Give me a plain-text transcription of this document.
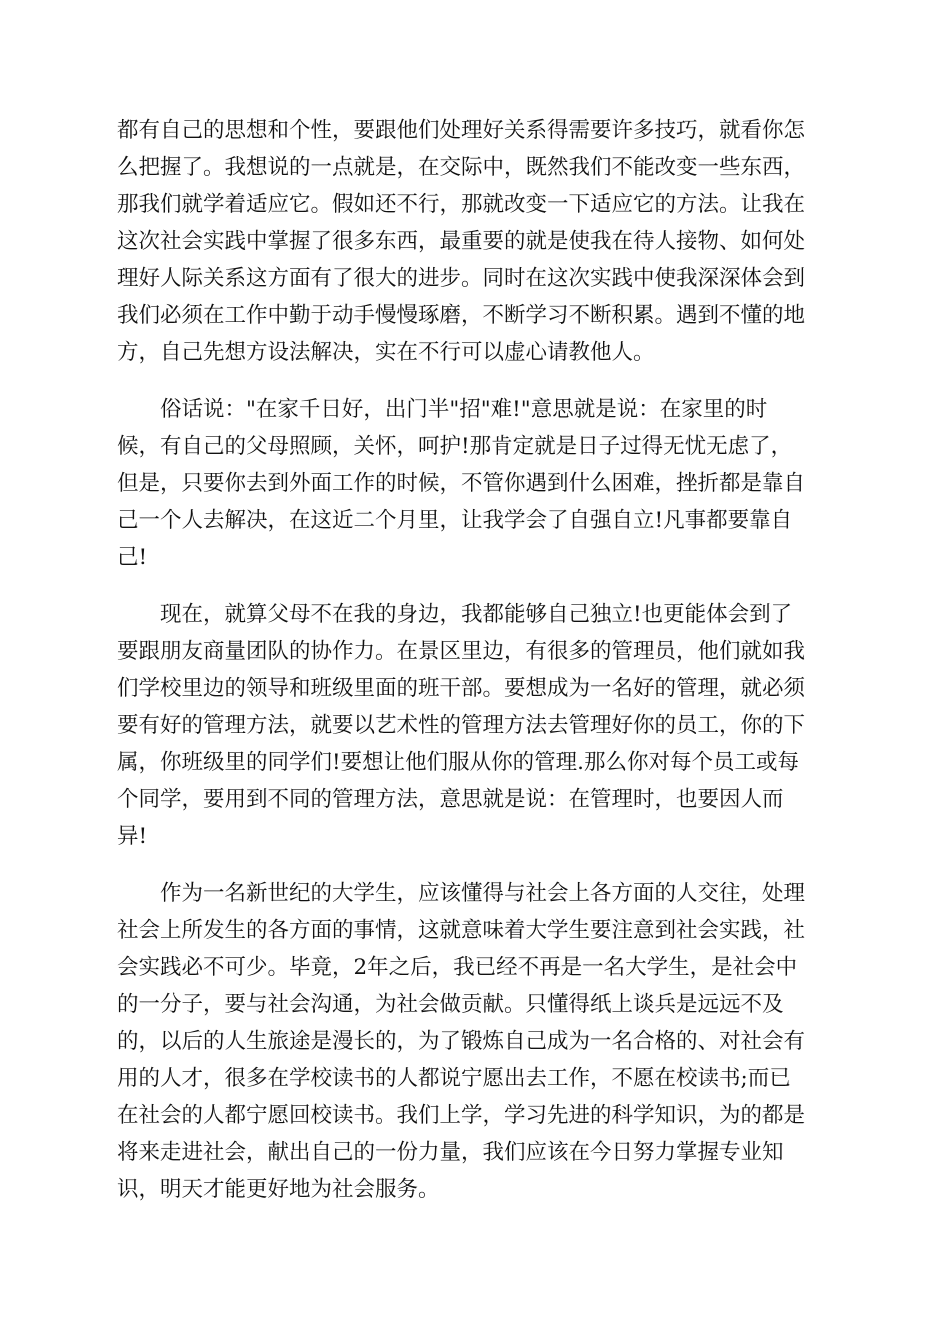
都有自己的思想和个性，要跟他们处理好关系得需要许多技巧，就看你怎
么把握了。我想说的一点就是，在交际中，既然我们不能改变一些东西，
那我们就学着适应它。假如还不行，那就改变一下适应它的方法。让我在
这次社会实践中掌握了很多东西，最重要的就是使我在待人接物、如何处
理好人际关系这方面有了很大的进步。同时在这次实践中使我深深体会到
我们必须在工作中勤于动手慢慢琢磨，不断学习不断积累。遇到不懂的地
方，自己先想方设法解决，实在不行可以虚心请教他人。
　　俗话说："在家千日好，出门半"招"难!"意思就是说：在家里的时
候，有自己的父母照顾，关怀，呵护!那肯定就是日子过得无忧无虑了，
但是，只要你去到外面工作的时候，不管你遇到什么困难，挫折都是靠自
己一个人去解决，在这近二个月里，让我学会了自强自立!凡事都要靠自
己!
　　现在，就算父母不在我的身边，我都能够自己独立!也更能体会到了
要跟朋友商量团队的协作力。在景区里边，有很多的管理员，他们就如我
们学校里边的领导和班级里面的班干部。要想成为一名好的管理，就必须
要有好的管理方法，就要以艺术性的管理方法去管理好你的员工，你的下
属，你班级里的同学们!要想让他们服从你的管理.那么你对每个员工或每
个同学，要用到不同的管理方法，意思就是说：在管理时，也要因人而
异!
　　作为一名新世纪的大学生，应该懂得与社会上各方面的人交往，处理
社会上所发生的各方面的事情，这就意味着大学生要注意到社会实践，社
会实践必不可少。毕竟，2年之后，我已经不再是一名大学生，是社会中
的一分子，要与社会沟通，为社会做贡献。只懂得纸上谈兵是远远不及
的，以后的人生旅途是漫长的，为了锻炼自己成为一名合格的、对社会有
用的人才，很多在学校读书的人都说宁愿出去工作，不愿在校读书;而已
在社会的人都宁愿回校读书。我们上学，学习先进的科学知识，为的都是
将来走进社会，献出自己的一份力量，我们应该在今日努力掌握专业知
识，明天才能更好地为社会服务。
